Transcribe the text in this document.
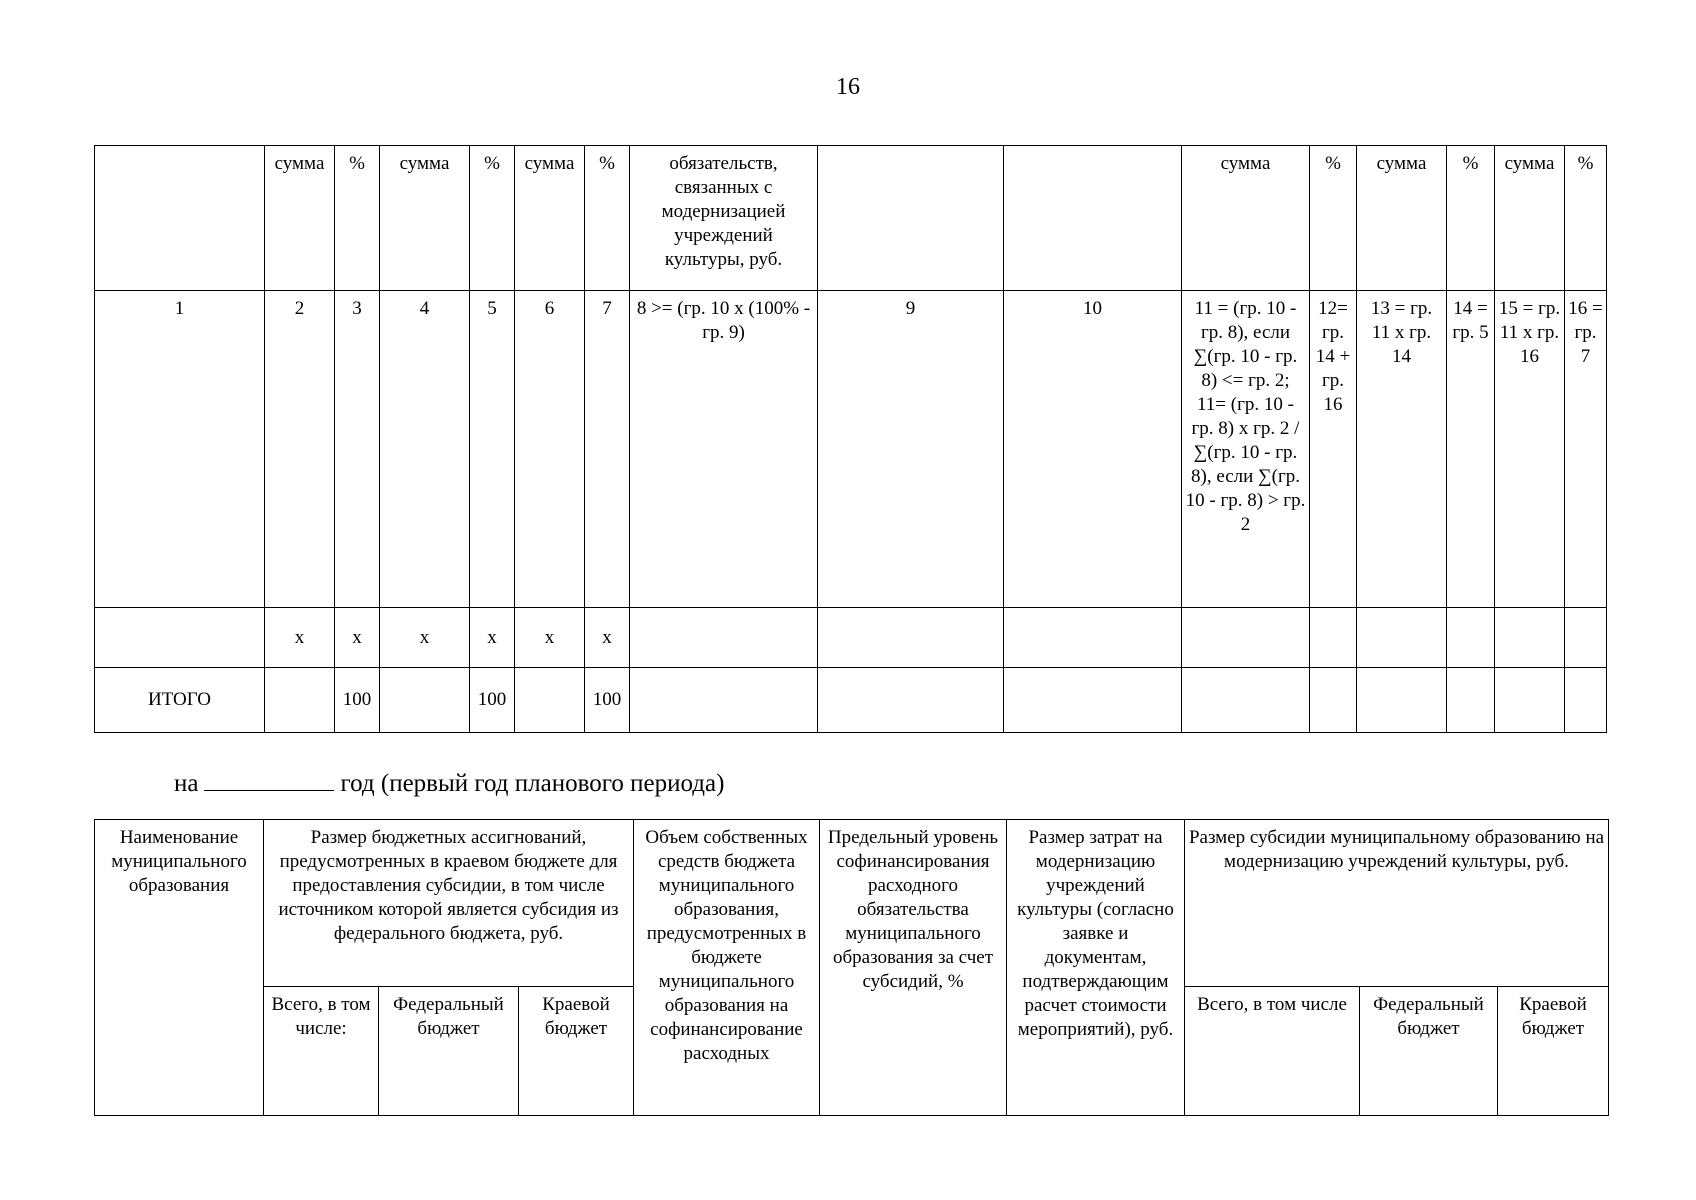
16
	сумма	%	сумма	%	сумма	%	обязательств, связанных с модернизацией учреждений культуры, руб.			сумма	%	сумма	%	сумма	%
1	2	3	4	5	6	7	8 >= (гр. 10 x (100% - гр. 9)	9	10	11 = (гр. 10 - гр. 8), если ∑(гр. 10 - гр. 8) <= гр. 2; 11= (гр. 10 - гр. 8) x гр. 2 / ∑(гр. 10 - гр. 8), если ∑(гр. 10 - гр. 8) > гр. 2	12= гр. 14 + гр. 16	13 = гр. 11 x гр. 14	14 = гр. 5	15 = гр. 11 x гр. 16	16 = гр. 7
	x	x	x	x	x	x									
ИТОГО		100		100		100									
на	год (первый год планового периода)
Наименование муниципального образования	Размер бюджетных ассигнований, предусмотренных в краевом бюджете для предоставления субсидии, в том числе источником которой является субсидия из федерального бюджета, руб.			Объем собственных средств бюджета муниципального образования, предусмотренных в бюджете муниципального образования на софинансирование расходных	Предельный уровень софинансирования расходного обязательства муниципального образования за счет субсидий, %	Размер затрат на модернизацию учреждений культуры (согласно заявке и документам, подтверждающим расчет стоимости мероприятий), руб.	Размер субсидии муниципальному образованию на модернизацию учреждений культуры, руб.		
	Всего, в том числе:	Федеральный бюджет	Краевой бюджет				Всего, в том числе	Федеральный бюджет	Краевой бюджет
